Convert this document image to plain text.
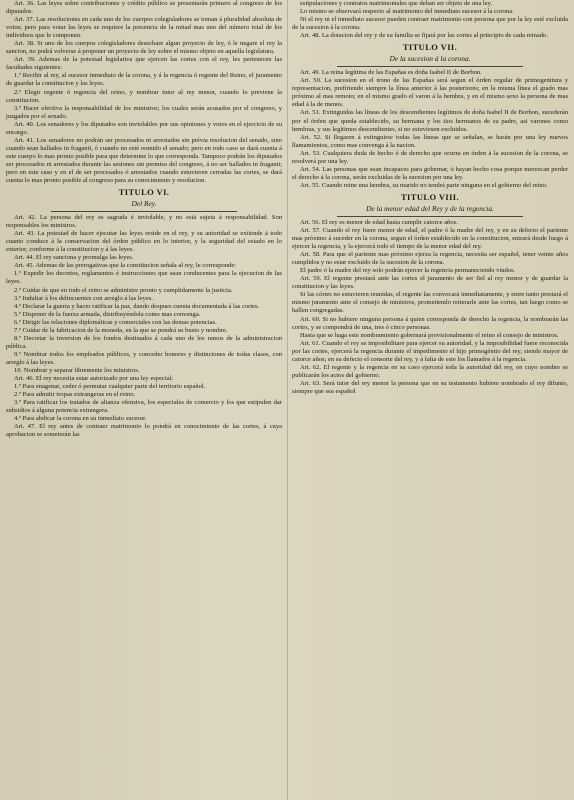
Art. 36. Las leyes sobre contribuciones y crédito público se presentarán primero al congreso de los diputados.
Art. 37. Las resoluciones en cada uno de los cuerpos colegisladores se toman á pluralidad absoluta de votos; pero para votar las leyes se requiere la presencia de la mitad mas uno del número total de los individuos que le componen.
Art. 38. Si uno de los cuerpos colegisladores desechare algun proyecto de ley, ó le negare el rey la sancion, no podrá volverse á proponer un proyecto de ley sobre el mismo objeto en aquella legislatura.
Art. 39. Ademas de la potestad legislativa que ejercen las cortes con el rey, les pertenecen las facultades siguientes:
1.º Recibir al rey, al sucesor inmediato de la corona, y á la regencia ó regente del Reino, el juramento de guardar la constitucion y las leyes.
2.º Elegir regente ó regencia del reino, y nombrar tutor al rey menor, cuando lo previene la constitucion.
3.º Hacer efectiva la responsabilidad de los ministros; los cuales serán acusados por el congreso, y juzgados por el senado.
Art. 40. Los senadores y los diputados son inviolables por sus opiniones y votos en el ejercicio de su encargo.
Art. 41. Los senadores no podrán ser procesados ni arrestados sin prévia resolucion del senado, sino cuando sean hallados in fraganti, ó cuando no esté reunido el senado; pero en todo caso se dará cuenta á este cuerpo lo mas pronto posible para que determine lo que corresponda. Tampoco podrán los diputados ser procesados ni arrestados durante las sesiones sin permiso del congreso, á no ser hallados in fraganti; pero en este caso y en el de ser procesados ó arrestados cuando estuvieren cerradas las cortes, se dará cuenta lo mas pronto posible al congreso para su conocimiento y resolucion.
TITULO VI.
Del Rey.
Art. 42. La persona del rey es sagrada é inviolable, y no está sujeta á responsabilidad. Son responsables los ministros.
Art. 43. La potestad de hacer ejecutar las leyes reside en el rey, y su autoridad se extiende á todo cuanto conduce á la conservacion del órden público en lo interior, y la seguridad del estado en lo exterior, conforme á la constitucion y á las leyes.
Art. 44. El rey sanciona y promulga las leyes.
Art. 45. Ademas de las prerogativas que la constitucion señala al rey, le corresponde:
1.º Expedir los decretos, reglamentos é instrucciones que sean conducentes para la ejecucion de las leyes.
2.º Cuidar de que en todo el reino se administre pronto y cumplidamente la justicia.
3.º Indultar á los delincuentes con arreglo á las leyes.
4.º Declarar la guerra y hacer ratificar la paz, dando despues cuenta documentada á las cortes.
5.º Disponer de la fuerza armada, distribuyéndola como mas convenga.
6.º Dirigir las relaciones diplomáticas y comerciales con las demas potencias.
7.º Cuidar de la fabricacion de la moneda, en la que se pondrá su busto y nombre.
8.º Decretar la inversion de los fondos destinados á cada uno de los ramos de la administracion pública.
9.º Nombrar todos los empleados públicos, y conceder honores y distinciones de todas clases, con arreglo á las leyes.
10. Nombrar y separar libremente los ministros.
Art. 46. El rey necesita estar autorizado por una ley especial:
1.º Para enagenar, ceder ó permutar cualquier parte del territorio español.
2.º Para admitir tropas extrangeras en el reino.
3.º Para ratificar los tratados de alianza ofensiva, los especiales de comercio y los que estipulen dar subsidios á alguna potencia extrangera.
4.º Para abdicar la corona en su inmediato sucesor.
Art. 47. El rey antes de contraer matrimonio lo pondrá en conocimiento de las cortes, á cuya aprobacion se someterán las
estipulaciones y contratos matrimoniales que deban ser objeto de una ley.
Lo mismo se observará respecto al matrimonio del inmediato sucesor á la corona.
Ni el rey ni el inmediato sucesor pueden contraer matrimonio con persona que por la ley esté excluida de la sucesion á la corona.
Art. 48. La dotacion del rey y de su familia se fijará por las cortes al principio de cada reinado.
TITULO VII.
De la sucesion á la corona.
Art. 49. La reina legítima de las Españas es doña Isabel II de Borbon.
Art. 50. La sucesion en el trono de las Españas será segun el órden regular de primogenitura y representacion, prefiriendo siempre la línea anterior á las posteriores; en la misma línea el grado mas próximo al mas remoto; en el mismo grado el varon á la hembra, y en el mismo sexo la persona de mas edad á la de menos.
Art. 51. Extinguidas las líneas de los descendientes legítimos de doña Isabel II de Borbon, sucederán por el órden que queda establecido, su hermana y los tios hermanos de su padre, asi varones como hembras, y sus legítimos descendientes, si no estuviesen excluidos.
Art. 52. Si llegaren á extinguirse todas las líneas que se señalan, se harán por una ley nuevos llamamientos, como mas convenga á la nacion.
Art. 53. Cualquiera duda de hecho ó de derecho que ocurra en órden á la sucesion de la corona, se resolverá por una ley.
Art. 54. Las personas que sean incapaces para gobernar, ó hayan hecho cosa porque merezcan perder el derecho á la corona, serán excluidas de la sucesion por una ley.
Art. 55. Cuando reine una hembra, su marido no tendrá parte ninguna en el gobierno del reino.
TITULO VIII.
De la menor edad del Rey y de la regencia.
Art. 56. El rey es menor de edad hasta cumplir catorce años.
Art. 57. Cuando el rey fuere menor de edad, el padre ó la madre del rey, y en su defecto el pariente mas próximo á suceder en la corona, segun el órden establecido en la constitucion, entrará desde luego á ejercer la regencia, y la ejercerá todo el tiempo de la menor edad del rey.
Art. 58. Para que el pariente mas próximo ejerza la regencia, necesita ser español, tener veinte años cumplidos y no estar excluido de la sucesion de la corona.
El padre ó la madre del rey solo podrán ejercer la regencia permaneciendo viudos.
Art. 59. El regente prestará ante las cortes el juramento de ser fiel al rey menor y de guardar la constitucion y las leyes.
Si las córtes no estuvieren reunidas, el regente las convocará inmediatamente, y entre tanto prestará el mismo juramento ante el consejo de ministros, prometiendo reiterarle ante las cortes, tan luego como se hallen congregadas.
Art. 60. Si no hubiere ninguna persona á quien corresponda de derecho la regencia, la nombrarán las cortes, y se compondrá de una, tres ó cinco personas.
Hasta que se haga este nombramiento gobernará provisionalmente el reino el consejo de ministros.
Art. 61. Cuando el rey se imposibilitare para ejercer su autoridad, y la imposibilidad fuere reconocida por las cortes, ejercerá la regencia durante el impedimento el hijo primogénito del rey, siendo mayor de catorce años; en su defecto el consorte del rey, y á falta de este los llamados á la regencia.
Art. 62. El regente y la regencia en su caso ejercerá toda la autoridad del rey, en cuyo nombre se publicarán los actos del gobierno.
Art. 63. Será tutor del rey menor la persona que en su testamento hubiere nombrado el rey difunto, siempre que sea español
